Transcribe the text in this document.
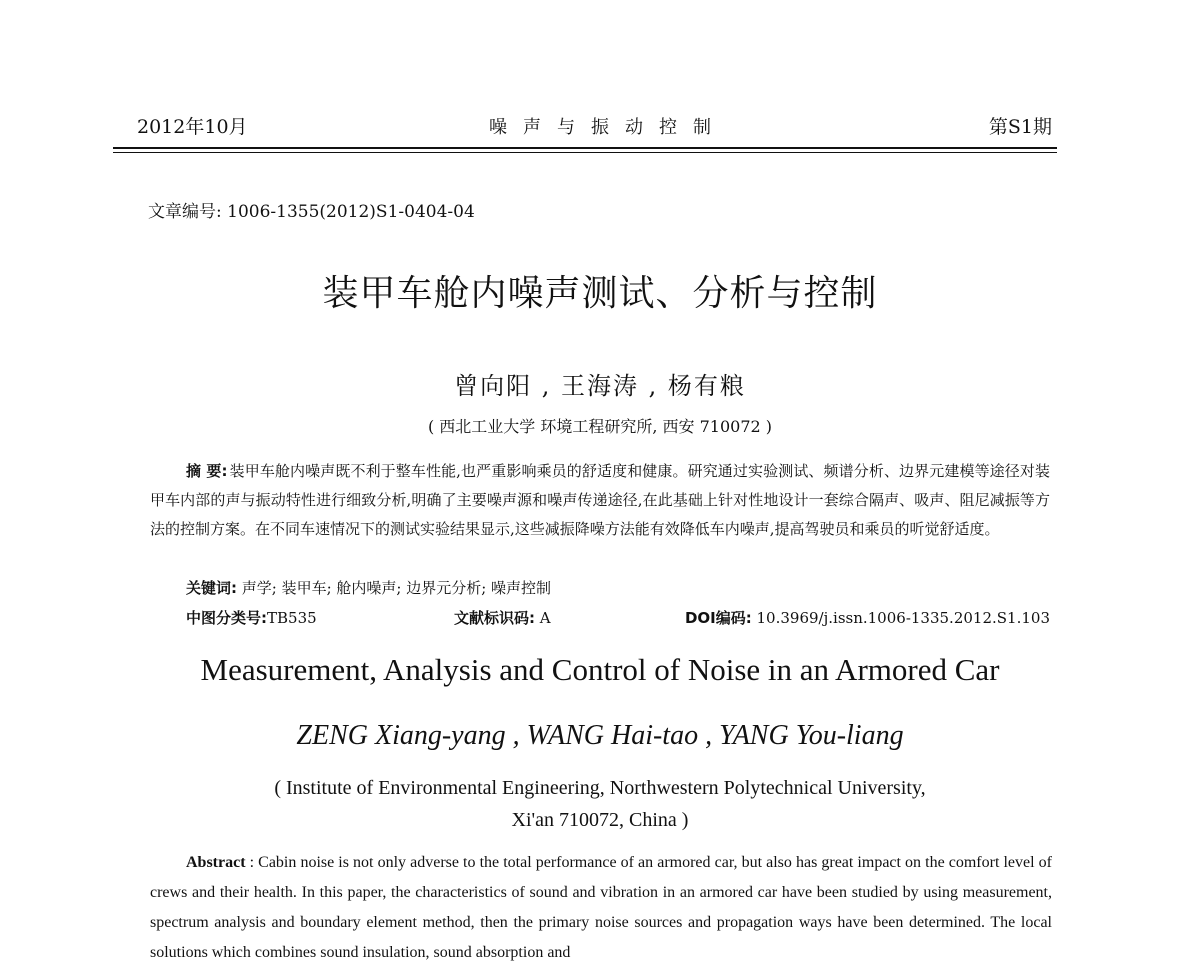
2012年10月	噪声与振动控制	第S1期
文章编号: 1006-1355(2012)S1-0404-04
装甲车舱内噪声测试、分析与控制
曾向阳 , 王海涛 , 杨有粮
( 西北工业大学 环境工程研究所, 西安 710072 )
摘 要: 装甲车舱内噪声既不利于整车性能,也严重影响乘员的舒适度和健康。研究通过实验测试、频谱分析、边界元建模等途径对装甲车内部的声与振动特性进行细致分析,明确了主要噪声源和噪声传递途径,在此基础上针对性地设计一套综合隔声、吸声、阻尼减振等方法的控制方案。在不同车速情况下的测试实验结果显示,这些减振降噪方法能有效降低车内噪声,提高驾驶员和乘员的听觉舒适度。
关键词: 声学; 装甲车; 舱内噪声; 边界元分析; 噪声控制
中图分类号:TB535	文献标识码: A	DOI编码: 10.3969/j.issn.1006-1335.2012.S1.103
Measurement, Analysis and Control of Noise in an Armored Car
ZENG Xiang-yang , WANG Hai-tao , YANG You-liang
( Institute of Environmental Engineering, Northwestern Polytechnical University,
Xi'an 710072, China )
Abstract : Cabin noise is not only adverse to the total performance of an armored car, but also has great impact on the comfort level of crews and their health. In this paper, the characteristics of sound and vibration in an armored car have been studied by using measurement, spectrum analysis and boundary element method, then the primary noise sources and propagation ways have been determined. The local solutions which combines sound insulation, sound absorption and
